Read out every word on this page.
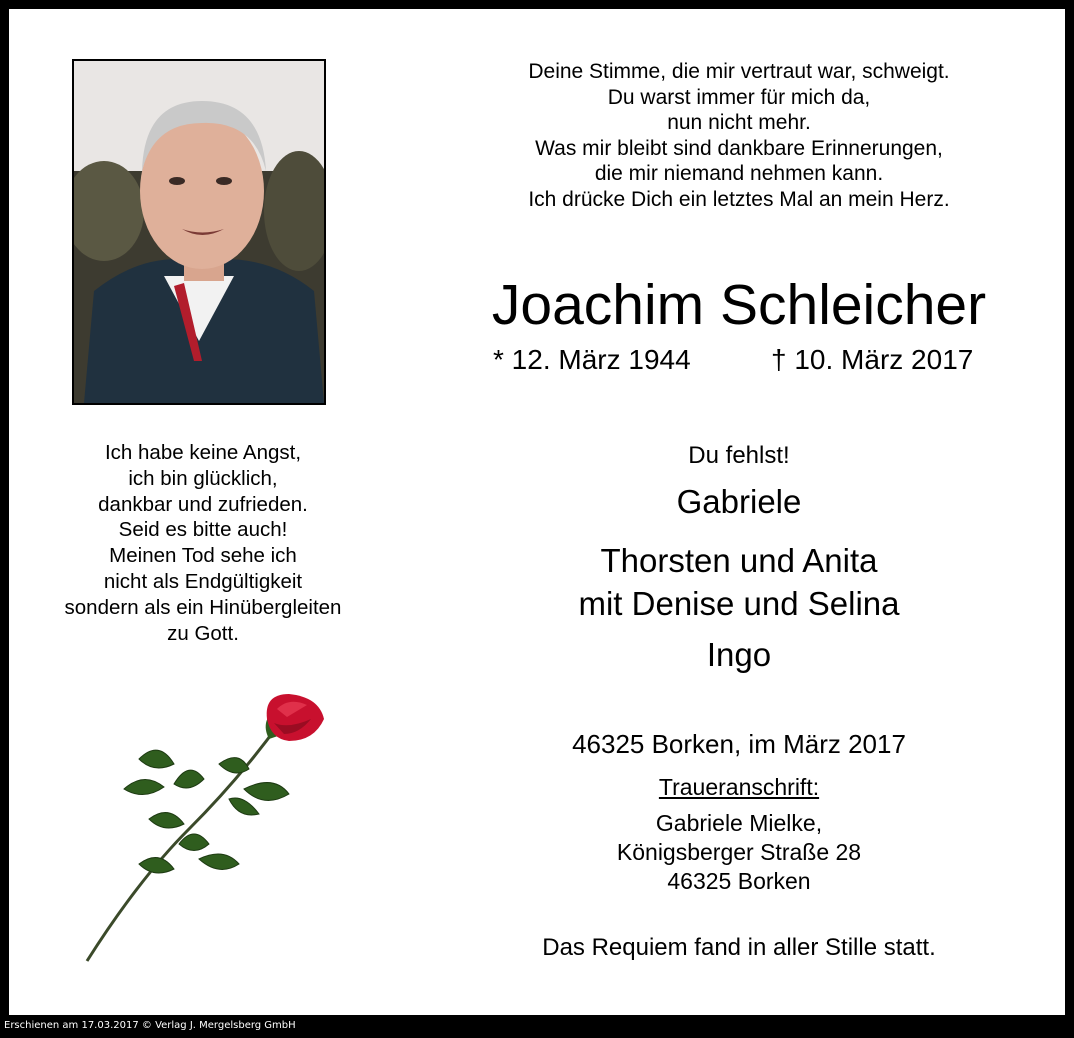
Deine Stimme, die mir vertraut war, schweigt.
Du warst immer für mich da,
nun nicht mehr.
Was mir bleibt sind dankbare Erinnerungen,
die mir niemand nehmen kann.
Ich drücke Dich ein letztes Mal an mein Herz.
Joachim Schleicher
* 12. März 1944	† 10. März 2017
Ich habe keine Angst,
ich bin glücklich,
dankbar und zufrieden.
Seid es bitte auch!
Meinen Tod sehe ich
nicht als Endgültigkeit
sondern als ein Hinübergleiten
zu Gott.
Du fehlst!
Gabriele
Thorsten und Anita
mit Denise und Selina
Ingo
46325 Borken, im März 2017
Traueranschrift:
Gabriele Mielke,
Königsberger Straße 28
46325 Borken
Das Requiem fand in aller Stille statt.
Erschienen am 17.03.2017 © Verlag J. Mergelsberg GmbH
